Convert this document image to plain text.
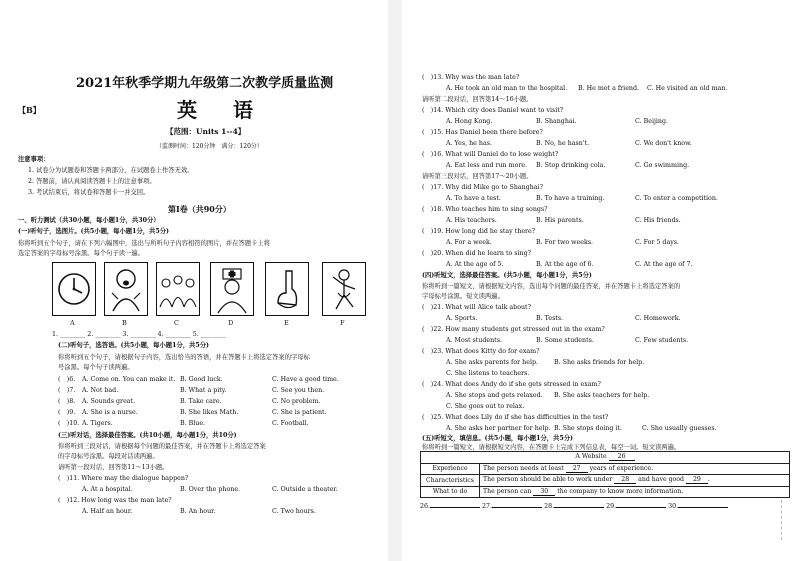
2021年秋季学期九年级第二次教学质量监测
【B】	英　语
【范围：Units 1--4】
（监测时间：120分钟　满分：120分）
注意事项：
1. 试卷分为试题卷和答题卡两部分，在试题卷上作答无效。
2. 答题前，请认真阅读答题卡上的注意事项。
3. 考试结束后，将试卷和答题卡一并交回。
第Ⅰ卷（共90分）
一、听力测试（共30小题，每小题1分，共30分）
(一)听句子，选图片。(共5小题，每小题1分，共5分)
你将听到五个句子，请在下列六幅图中，选出与所听句子内容相符的图片，并在答题卡上将
选定答案的字母标号涂黑。每个句子读一遍。
A	B	C	D	E	F
1. ________ 2. ________ 3. ________ 4. ________ 5. ________
(二)听句子，选答语。(共5小题，每小题1分，共5分)
你将听到五个句子，请根据句子内容，选出恰当的答语，并在答题卡上将选定答案的字母标
号涂黑。每个句子读两遍。
(　)6. A. Come on. You can make it. B. Good luck.	C. Have a good time.
(　)7. A. Not bad.	B. What a pity.	C. See you then.
(　)8. A. Sounds great.	B. Take care.	C. No problem.
(　)9. A. She is a nurse.	B. She likes Math.	C. She is patient.
(　)10. A. Tigers.	B. Blue.	C. Football.
(三)听对话，选择最佳答案。(共10小题，每小题1分，共10分)
你将听到三段对话，请根据每个问题的最佳答案，并在答题卡上将选定答案
的字母标号涂黑。每段对话读两遍。
请听第一段对话，回答第11～13小题。
(　)11. Where may the dialogue happen?
A. At a hospital.	B. Over the phone.	C. Outside a theater.
(　)12. How long was the man late?
A. Half an hour.	B. An hour.	C. Two hours.
(　)13. Why was the man late?
A. He took an old man to the hospital. B. He met a friend. C. He visited an old man.
请听第二段对话，回答第14～16小题。
(　)14. Which city does Daniel want to visit?
A. Hong Kong.	B. Shanghai.	C. Beijing.
(　)15. Has Daniel been there before?
A. Yes, he has.	B. No, he hasn't.	C. We don't know.
(　)16. What will Daniel do to lose weight?
A. Eat less and run more. B. Stop drinking cola.	C. Go swimming.
请听第三段对话，回答第17～20小题。
(　)17. Why did Mike go to Shanghai?
A. To have a test.	B. To have a training.	C. To enter a competition.
(　)18. Who teaches him to sing songs?
A. His teachers.	B. His parents.	C. His friends.
(　)19. How long did he stay there?
A. For a week.	B. For two weeks.	C. For 5 days.
(　)20. When did he learn to sing?
A. At the age of 5.	B. At the age of 6.	C. At the age of 7.
(四)听短文，选择最佳答案。(共5小题，每小题1分，共5分)
你将听到一篇短文，请根据短文内容，选出每个问题的最佳答案，并在答题卡上将选定答案的
字母标号涂黑。短文读两遍。
(　)21. What will Alice talk about?
A. Sports.	B. Tests.	C. Homework.
(　)22. How many students get stressed out in the exam?
A. Most students.	B. Some students.	C. Few students.
(　)23. What does Kitty do for exam?
A. She asks parents for help.	B. She asks friends for help.
C. She listens to teachers.
(　)24. What does Andy do if she gets stressed in exam?
A. She stops and gets relaxed. B. She asks teachers for help.
C. She goes out to relax.
(　)25. What does Lily do if she has difficulties in the test?
A. She asks her partner for help. B. She stops doing it.	C. She usually guesses.
(五)听短文，填信息。(共5小题，每小题1分，共5分)
你将听到一篇短文，请根据短文内容，在答题卡上完成下列信息表，每空一词。短文读两遍。
A Website 26	
Experience	The person needs at least 27 years of experience.
Characteristics	The person should be able to work under 28 and have good 29 .
What to do	The person can 30 the company to know more information.
26.	27.	28.	29.	30.
